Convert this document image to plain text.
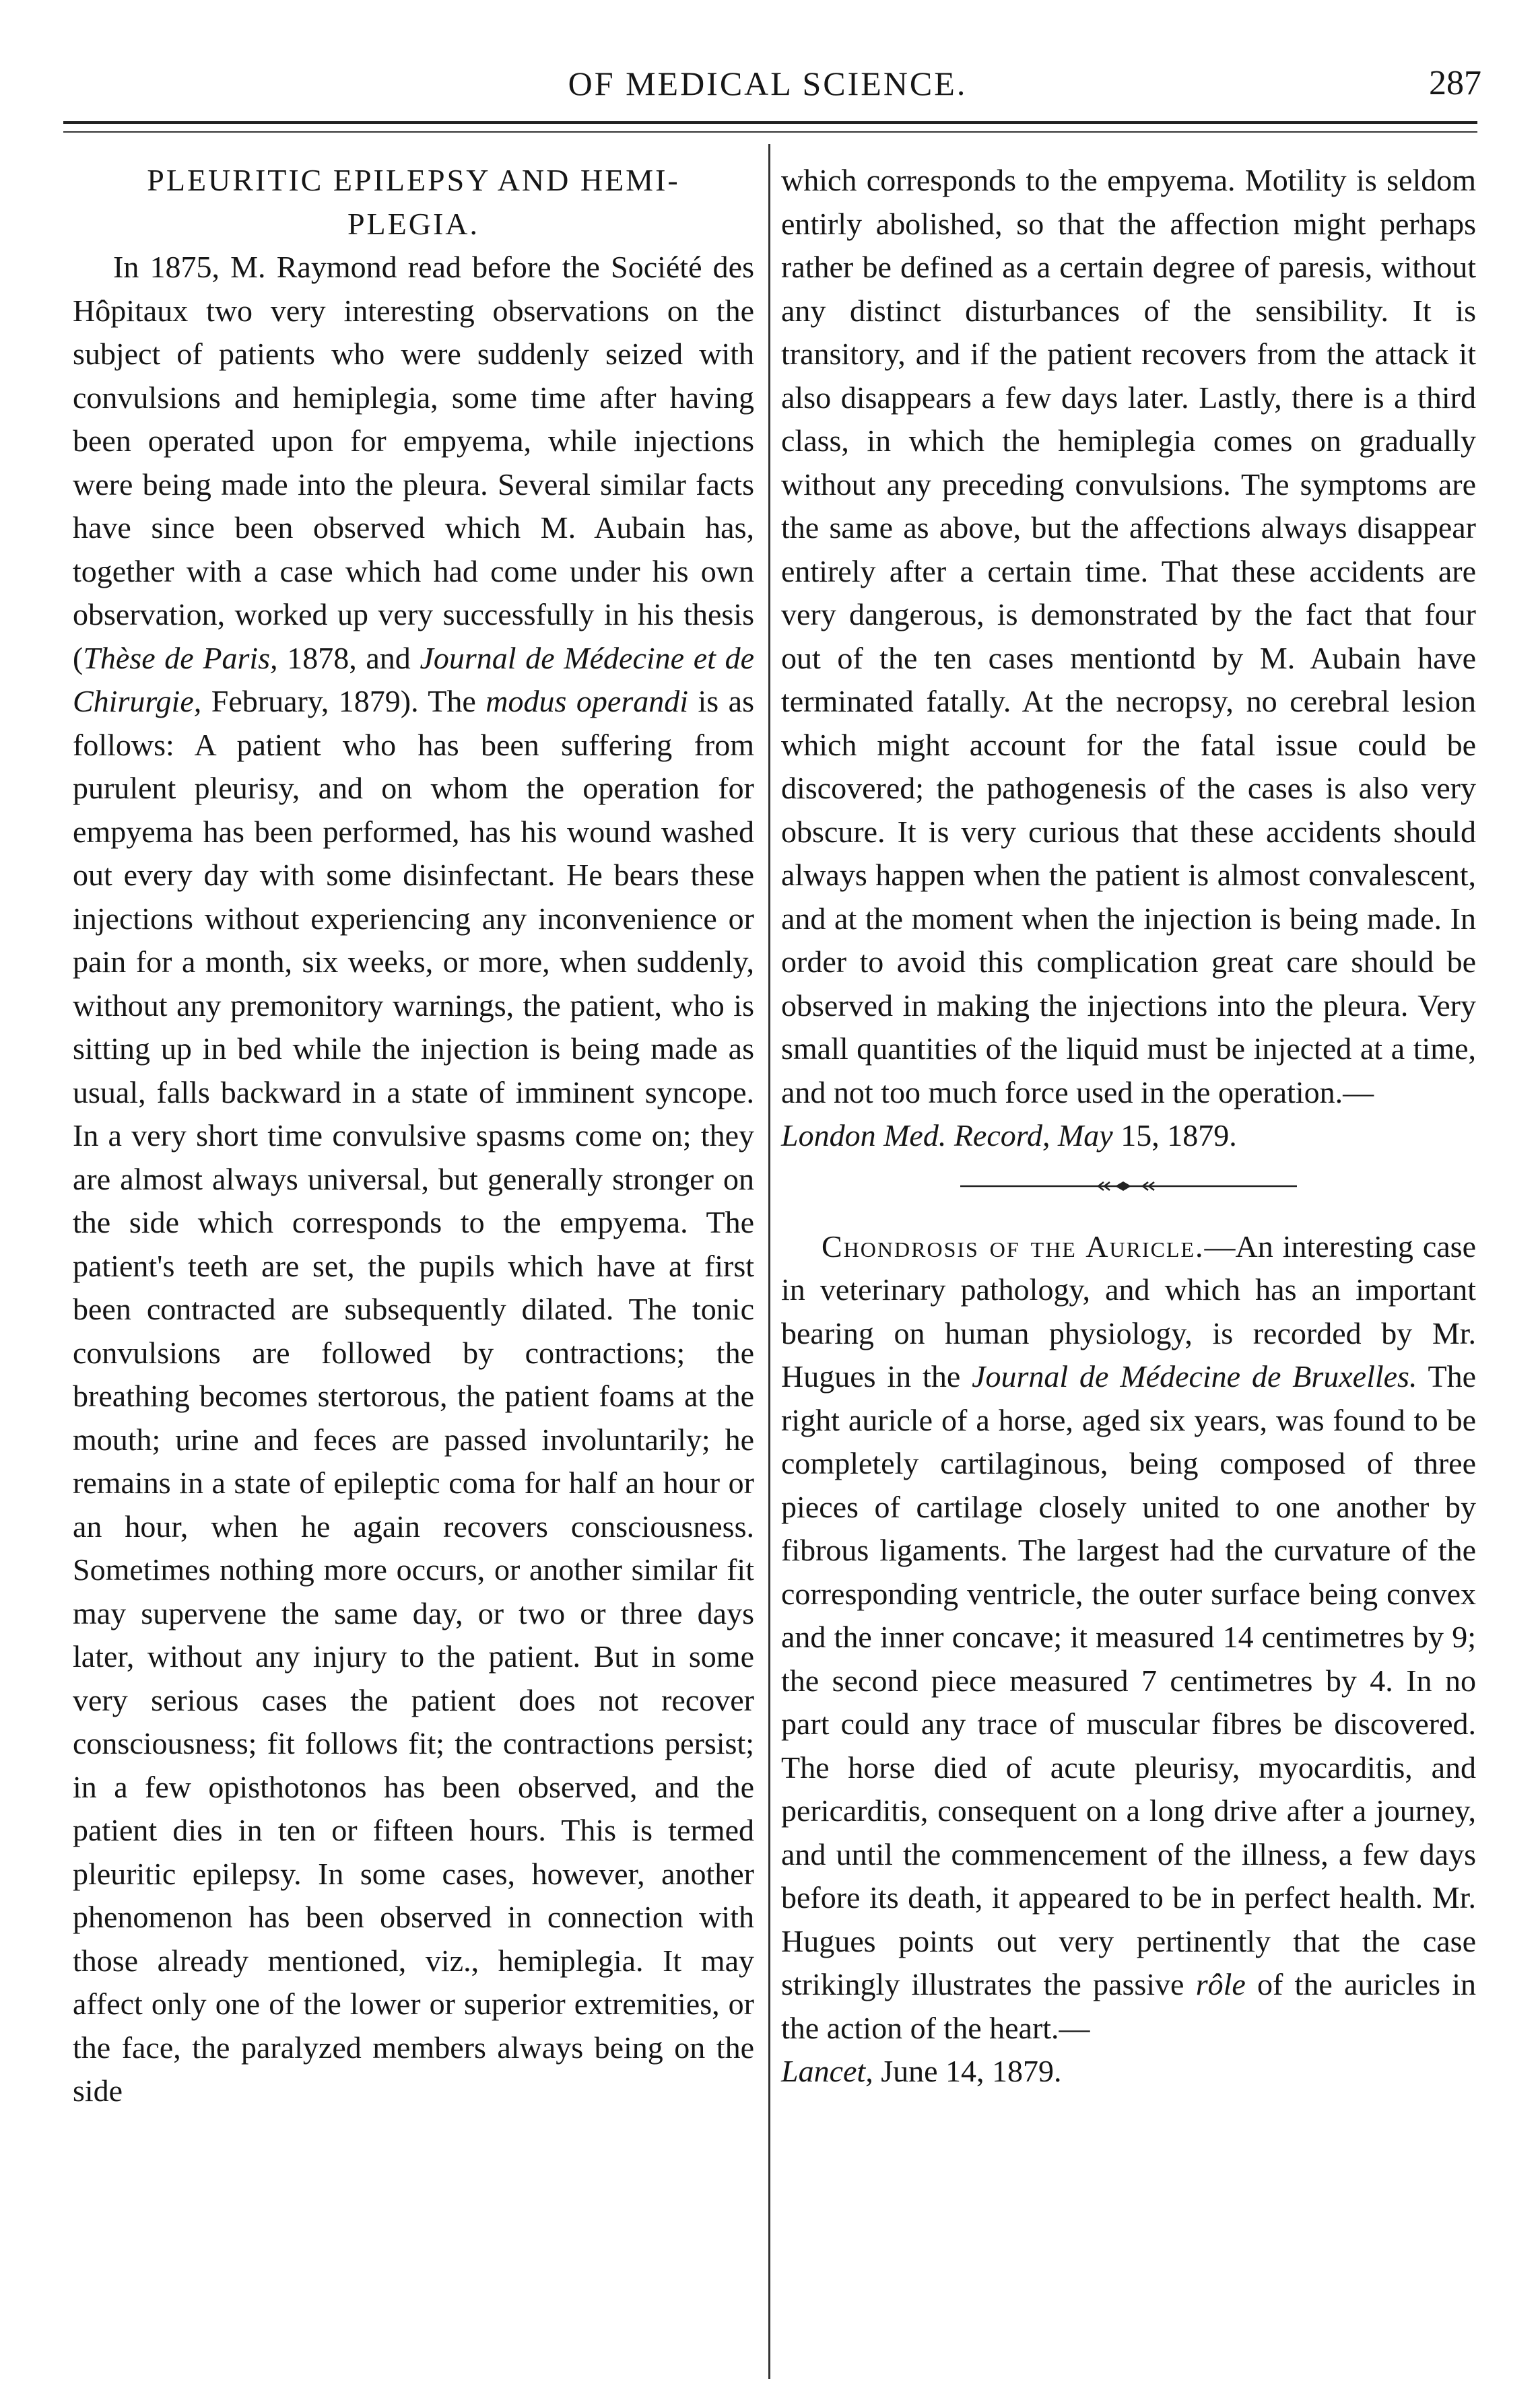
OF MEDICAL SCIENCE.	287
PLEURITIC EPILEPSY AND HEMI-
PLEGIA.

In 1875, M. Raymond read before the Société des Hôpitaux two very interesting observations on the subject of patients who were suddenly seized with convulsions and hemiplegia, some time after having been operated upon for empyema, while injections were being made into the pleura. Several similar facts have since been observed which M. Aubain has, together with a case which had come under his own observation, worked up very successfully in his thesis (Thèse de Paris, 1878, and Journal de Médecine et de Chirurgie, February, 1879). The modus operandi is as follows: A patient who has been suffering from purulent pleurisy, and on whom the operation for empyema has been performed, has his wound washed out every day with some disinfectant. He bears these injections without experiencing any inconvenience or pain for a month, six weeks, or more, when suddenly, without any premonitory warnings, the patient, who is sitting up in bed while the injection is being made as usual, falls backward in a state of imminent syncope. In a very short time convulsive spasms come on; they are almost always universal, but generally stronger on the side which corresponds to the empyema. The patient's teeth are set, the pupils which have at first been contracted are subsequently dilated. The tonic convulsions are followed by contractions; the breathing becomes stertorous, the patient foams at the mouth; urine and feces are passed involuntarily; he remains in a state of epileptic coma for half an hour or an hour, when he again recovers consciousness. Sometimes nothing more occurs, or another similar fit may supervene the same day, or two or three days later, without any injury to the patient. But in some very serious cases the patient does not recover consciousness; fit follows fit; the contractions persist; in a few opisthotonos has been observed, and the patient dies in ten or fifteen hours. This is termed pleuritic epilepsy. In some cases, however, another phenomenon has been observed in connection with those already mentioned, viz., hemiplegia. It may affect only one of the lower or superior extremities, or the face, the paralyzed members always being on the side

which corresponds to the empyema. Motility is seldom entirly abolished, so that the affection might perhaps rather be defined as a certain degree of paresis, without any distinct disturbances of the sensibility. It is transitory, and if the patient recovers from the attack it also disappears a few days later. Lastly, there is a third class, in which the hemiplegia comes on gradually without any preceding convulsions. The symptoms are the same as above, but the affections always disappear entirely after a certain time. That these accidents are very dangerous, is demonstrated by the fact that four out of the ten cases mentiontd by M. Aubain have terminated fatally. At the necropsy, no cerebral lesion which might account for the fatal issue could be discovered; the pathogenesis of the cases is also very obscure. It is very curious that these accidents should always happen when the patient is almost convalescent, and at the moment when the injection is being made. In order to avoid this complication great care should be observed in making the injections into the pleura. Very small quantities of the liquid must be injected at a time, and not too much force used in the operation.—
London Med. Record, May 15, 1879.

Chondrosis of the Auricle.—An interesting case in veterinary pathology, and which has an important bearing on human physiology, is recorded by Mr. Hugues in the Journal de Médecine de Bruxelles. The right auricle of a horse, aged six years, was found to be completely cartilaginous, being composed of three pieces of cartilage closely united to one another by fibrous ligaments. The largest had the curvature of the corresponding ventricle, the outer surface being convex and the inner concave; it measured 14 centimetres by 9; the second piece measured 7 centimetres by 4. In no part could any trace of muscular fibres be discovered. The horse died of acute pleurisy, myocarditis, and pericarditis, consequent on a long drive after a journey, and until the commencement of the illness, a few days before its death, it appeared to be in perfect health. Mr. Hugues points out very pertinently that the case strikingly illustrates the passive rôle of the auricles in the action of the heart.—
Lancet, June 14, 1879.
